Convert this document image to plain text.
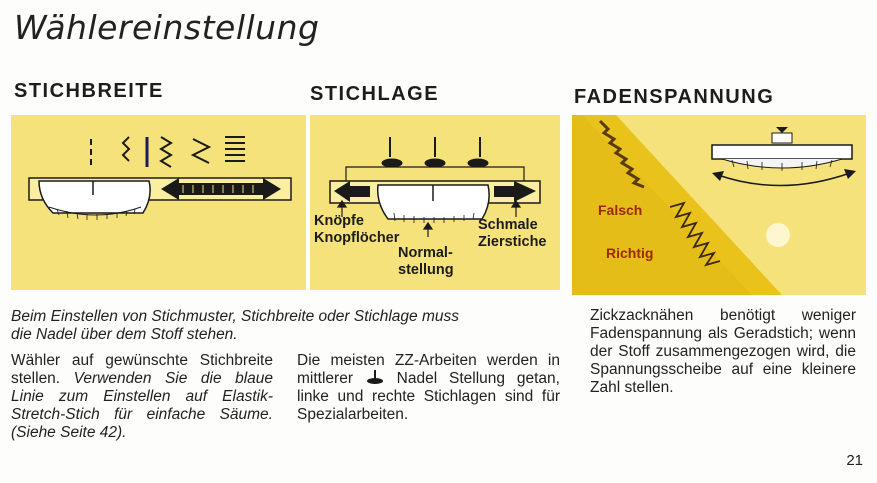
Wählereinstellung
STICHBREITE	STICHLAGE	FADENSPANNUNG
Knöpfe
Knopflöcher
Normal-
stellung
Schmale
Zierstiche
Falsch
Richtig
Beim Einstellen von Stichmuster, Stichbreite oder Stichlage muss
die Nadel über dem Stoff stehen.
Wähler auf gewünschte Stichbreite stellen. Verwenden Sie die blaue Linie zum Einstellen auf Elastik-Stretch-Stich für einfache Säume. (Siehe Seite 42).
Die meisten ZZ-Arbeiten werden in mittlerer  Nadel Stellung getan, linke und rechte Stichlagen sind für Spezialarbeiten.
Zickzacknähen benötigt weniger Fadenspannung als Geradstich; wenn der Stoff zusammengezogen wird, die Spannungsscheibe auf eine kleinere Zahl stellen.
21
